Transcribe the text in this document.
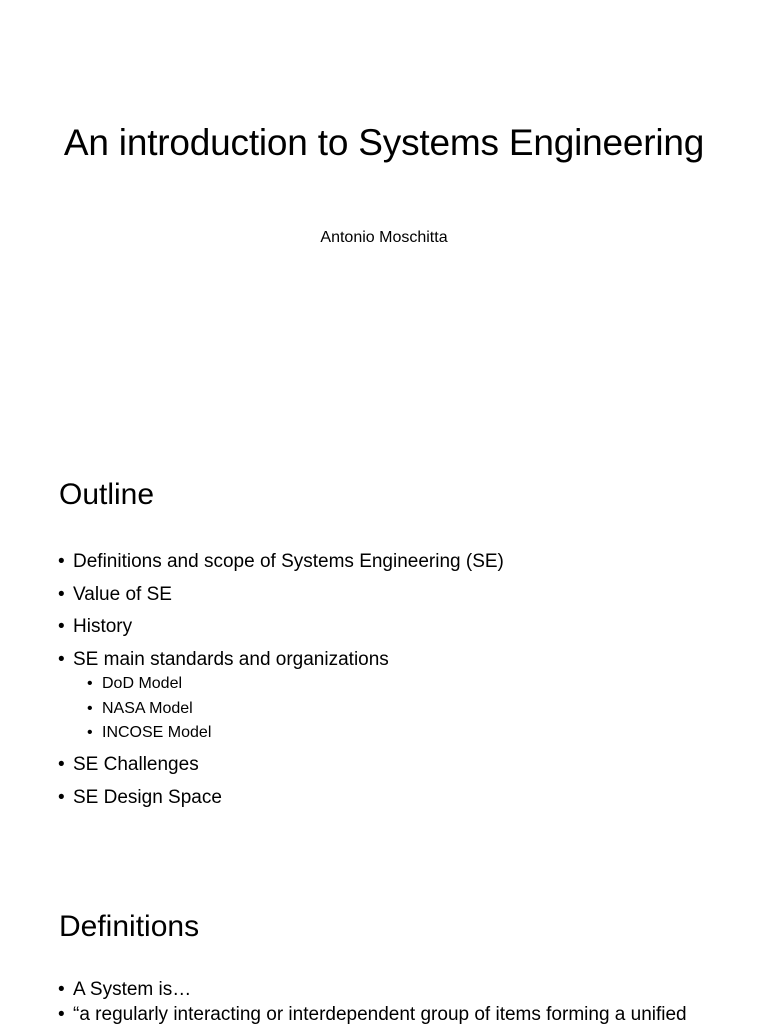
An introduction to Systems Engineering

Antonio Moschitta

Outline
• Definitions and scope of Systems Engineering (SE)
• Value of SE
• History
• SE main standards and organizations
• DoD Model
• NASA Model
• INCOSE Model
• SE Challenges
• SE Design Space
Definitions
• A System is…
• “a regularly interacting or interdependent group of items forming a unified
